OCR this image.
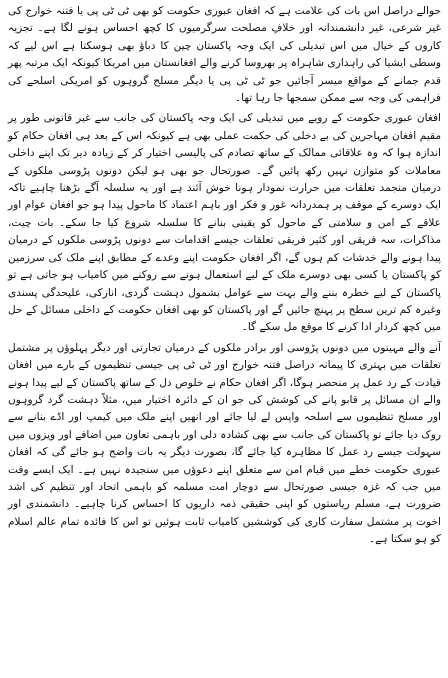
حوالے دراصل اس بات کی علامت ہے کہ افغان عبوری حکومت کو بھی ٹی ٹی پی یا فتنہ خوارج کی غیر شرعی، غیر دانشمندانہ اور خلافِ مصلحت سرگرمیوں کا کچھ احساس ہونے لگا ہے۔ تجزیہ کاروں کے خیال میں اس تبدیلی کی ایک وجہ پاکستان چین کا دباؤ بھی ہوسکتا ہے اس لیے کہ وسطی ایشیا کی راہداری شاہراہ پر بھروسا کرنے والے افغانستان میں امریکا کیونکہ ایک مرتبہ پھر قدم جمانے کے مواقع میسر آجائیں جو ٹی ٹی پی یا دیگر مسلح گروہوں کو امریکی اسلحے کی فراہمی کی وجہ سے ممکن سمجھا جا رہا تھا۔

افغان عبوری حکومت کے رویے میں تبدیلی کی ایک وجہ پاکستان کی جانب سے غیر قانونی طور پر مقیم افغان مہاجرین کی بے دخلی کی حکمت عملی بھی ہے کیونکہ اس کے بعد ہی افغان حکام کو اندازہ ہوا کہ وہ علاقائی ممالک کے ساتھ تصادم کی پالیسی اختیار کر کے زیادہ دیر تک اپنے داخلی معاملات کو متوازن نہیں رکھ پائیں گے۔ صورتحال جو بھی ہو لیکن دونوں پڑوسی ملکوں کے درمیان منجمد تعلقات میں حرارت نمودار ہونا خوش آئند ہے اور یہ سلسلہ آگے بڑھنا چاہیے تاکہ ایک دوسرے کے موقف پر ہمدردانہ غور و فکر اور باہم اعتماد کا ماحول پیدا ہو جو افغان عوام اور علاقے کے امن و سلامتی کے ماحول کو یقینی بنانے کا سلسلہ شروع کیا جا سکے۔ بات چیت، مذاکرات، سہ فریقی اور کثیر فریقی تعلقات جیسے اقدامات سے دونوں پڑوسی ملکوں کے درمیان پیدا ہونے والے خدشات کم ہوں گے، اگر افغان حکومت اپنے وعدے کے مطابق اپنے ملک کی سرزمین کو پاکستان یا کسی بھی دوسرے ملک کے لیے استعمال ہونے سے روکنے میں کامیاب ہو جاتی ہے تو پاکستان کے لیے خطرہ بننے والے بہت سے عوامل بشمول دہشت گردی، انارکی، علیحدگی پسندی وغیرہ کم ترین سطح پر پہنچ جائیں گے اور پاکستان کو بھی افغان حکومت کے داخلی مسائل کے حل میں کچھ کردار ادا کرنے کا موقع مل سکے گا۔

آنے والے مہینوں میں دونوں پڑوسی اور برادر ملکوں کے درمیان تجارتی اور دیگر پہلوؤں پر مشتمل تعلقات میں بہتری کا پیمانہ دراصل فتنہ خوارج اور ٹی ٹی پی جیسی تنظیموں کے بارے میں افغان قیادت کے رد عمل پر منحصر ہوگا، اگر افغان حکام نے خلوص دل کے ساتھ پاکستان کے لیے پیدا ہونے والے ان مسائل پر قابو پانے کی کوشش کی جو ان کے دائرہ اختیار میں، مثلاً دہشت گرد گروہوں اور مسلح تنظیموں سے اسلحہ واپس لے لیا جائے اور انھیں اپنے ملک میں کیمپ اور اڈے بنانے سے روک دیا جائے تو پاکستان کی جانب سے بھی کشادہ دلی اور باہمی تعاون میں اضافے اور ویزوں میں سہولت جیسے رد عمل کا مظاہرہ کیا جائے گا، بصورت دیگر یہ بات واضح ہو جائے گی کہ افغان عبوری حکومت خطے میں قیام امن سے متعلق اپنے دعوؤں میں سنجیدہ نہیں ہے۔ ایک ایسے وقت میں جب کہ غزہ جیسی صورتحال سے دوچار امت مسلمہ کو باہمی اتحاد اور تنظیم کی اشد ضرورت ہے، مسلم ریاستوں کو اپنی حقیقی ذمہ داریوں کا احساس کرنا چاہیے۔ دانشمندی اور اخوت پر مشتمل سفارت کاری کی کوششیں کامیاب ثابت ہوئیں تو اس کا فائدہ تمام عالم اسلام کو ہو سکتا ہے۔
